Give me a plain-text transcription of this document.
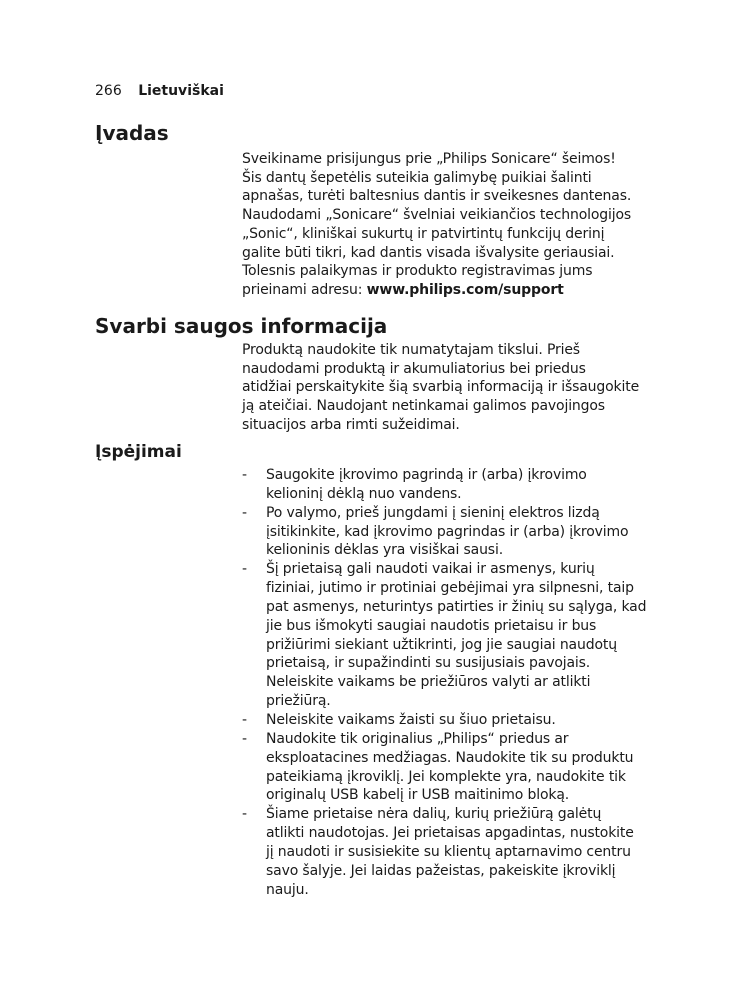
266 Lietuviškai
Įvadas
Sveikiname prisijungus prie „Philips Sonicare“ šeimos!
Šis dantų šepetėlis suteikia galimybę puikiai šalinti
apnašas, turėti baltesnius dantis ir sveikesnes dantenas.
Naudodami „Sonicare“ švelniai veikiančios technologijos
„Sonic“, kliniškai sukurtų ir patvirtintų funkcijų derinį
galite būti tikri, kad dantis visada išvalysite geriausiai.
Tolesnis palaikymas ir produkto registravimas jums
prieinami adresu: www.philips.com/support
Svarbi saugos informacija
Produktą naudokite tik numatytajam tikslui. Prieš
naudodami produktą ir akumuliatorius bei priedus
atidžiai perskaitykite šią svarbią informaciją ir išsaugokite
ją ateičiai. Naudojant netinkamai galimos pavojingos
situacijos arba rimti sužeidimai.
Įspėjimai
- Saugokite įkrovimo pagrindą ir (arba) įkrovimo
kelioninį dėklą nuo vandens.
- Po valymo, prieš jungdami į sieninį elektros lizdą
įsitikinkite, kad įkrovimo pagrindas ir (arba) įkrovimo
kelioninis dėklas yra visiškai sausi.
- Šį prietaisą gali naudoti vaikai ir asmenys, kurių
fiziniai, jutimo ir protiniai gebėjimai yra silpnesni, taip
pat asmenys, neturintys patirties ir žinių su sąlyga, kad
jie bus išmokyti saugiai naudotis prietaisu ir bus
prižiūrimi siekiant užtikrinti, jog jie saugiai naudotų
prietaisą, ir supažindinti su susijusiais pavojais.
Neleiskite vaikams be priežiūros valyti ar atlikti
priežiūrą.
- Neleiskite vaikams žaisti su šiuo prietaisu.
- Naudokite tik originalius „Philips“ priedus ar
eksploatacines medžiagas. Naudokite tik su produktu
pateikiamą įkroviklį. Jei komplekte yra, naudokite tik
originalų USB kabelį ir USB maitinimo bloką.
- Šiame prietaise nėra dalių, kurių priežiūrą galėtų
atlikti naudotojas. Jei prietaisas apgadintas, nustokite
jį naudoti ir susisiekite su klientų aptarnavimo centru
savo šalyje. Jei laidas pažeistas, pakeiskite įkroviklį
nauju.
